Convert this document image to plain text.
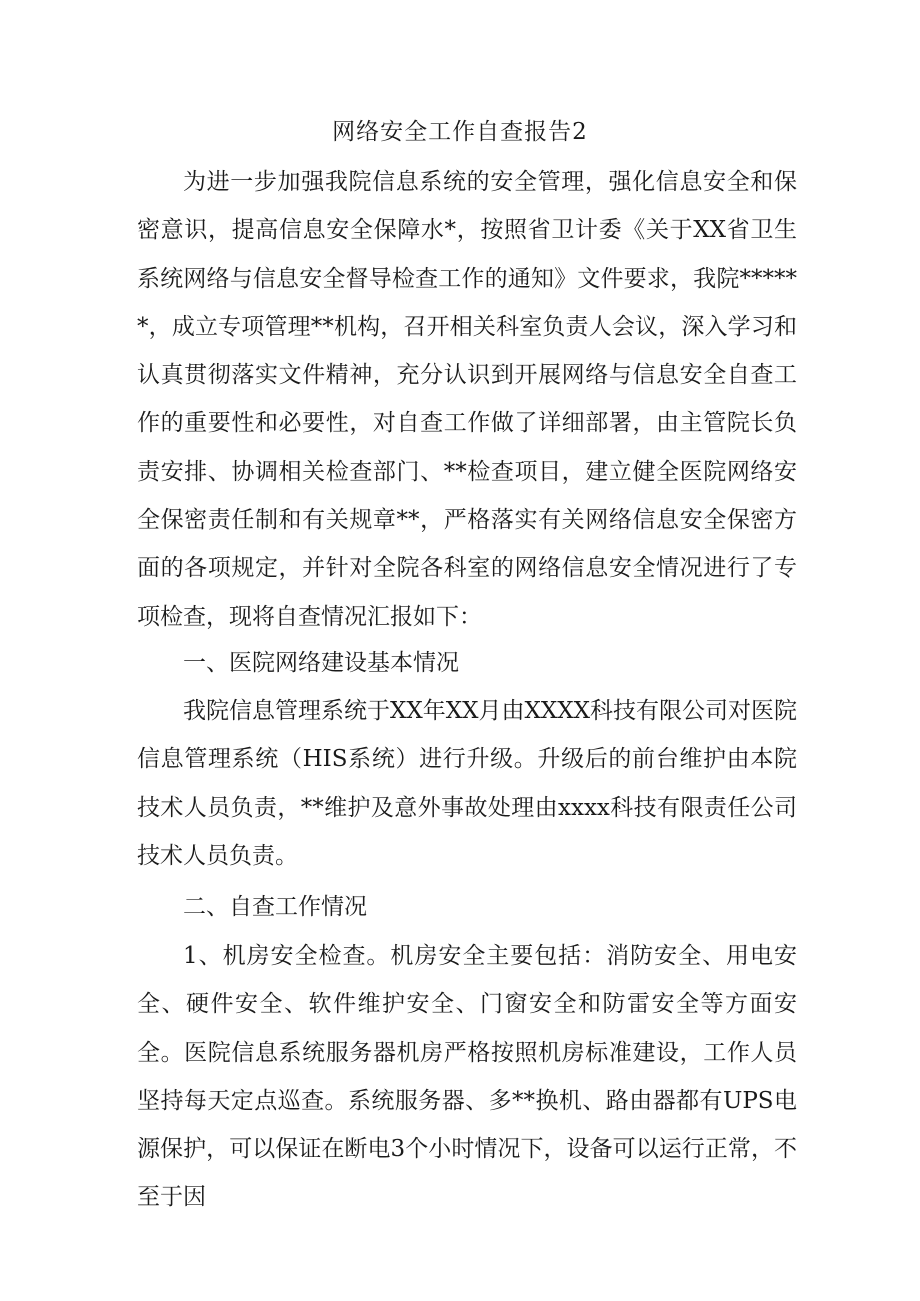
网络安全工作自查报告2

为进一步加强我院信息系统的安全管理，强化信息安全和保密意识，提高信息安全保障水*，按照省卫计委《关于XX省卫生系统网络与信息安全督导检查工作的通知》文件要求，我院******，成立专项管理**机构，召开相关科室负责人会议，深入学习和认真贯彻落实文件精神，充分认识到开展网络与信息安全自查工作的重要性和必要性，对自查工作做了详细部署，由主管院长负责安排、协调相关检查部门、**检查项目，建立健全医院网络安全保密责任制和有关规章**，严格落实有关网络信息安全保密方面的各项规定，并针对全院各科室的网络信息安全情况进行了专项检查，现将自查情况汇报如下：

一、医院网络建设基本情况

我院信息管理系统于XX年XX月由XXXX科技有限公司对医院信息管理系统（HIS系统）进行升级。升级后的前台维护由本院技术人员负责，**维护及意外事故处理由xxxx科技有限责任公司技术人员负责。

二、自查工作情况

1、机房安全检查。机房安全主要包括：消防安全、用电安全、硬件安全、软件维护安全、门窗安全和防雷安全等方面安全。医院信息系统服务器机房严格按照机房标准建设，工作人员坚持每天定点巡查。系统服务器、多**换机、路由器都有UPS电源保护，可以保证在断电3个小时情况下，设备可以运行正常，不至于因
